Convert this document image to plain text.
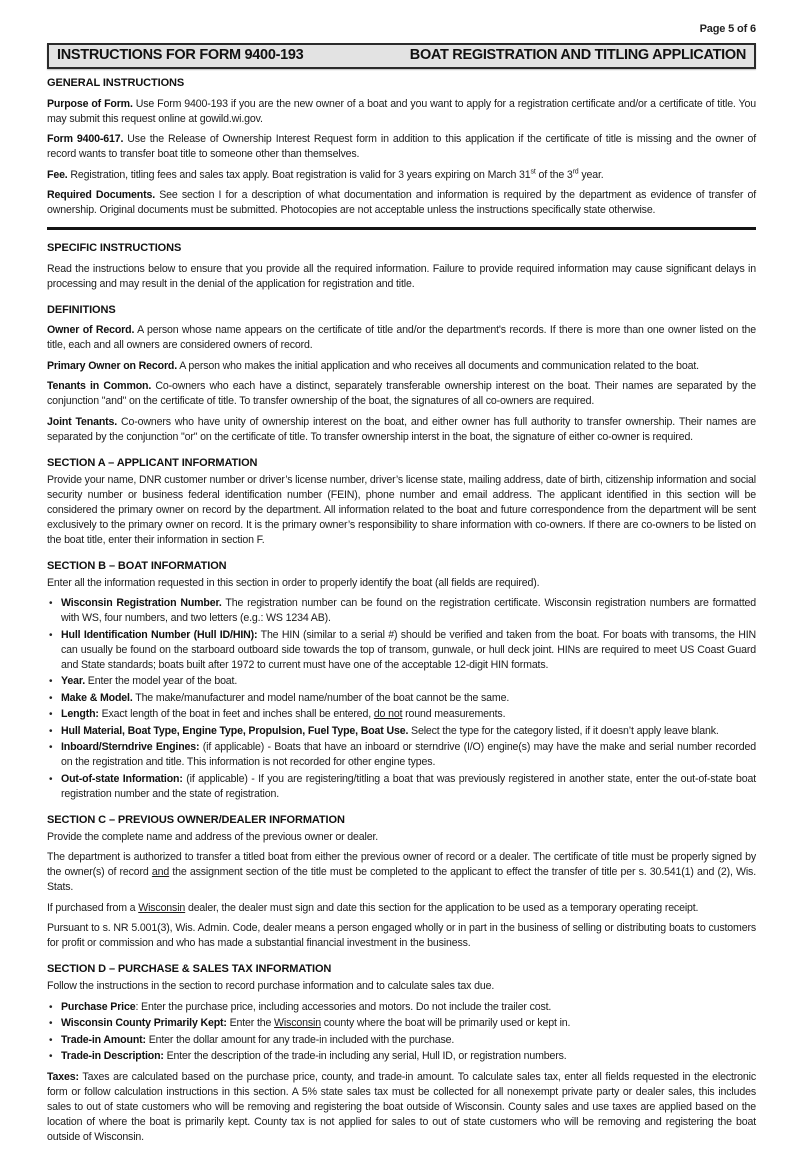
Page 5 of 6
INSTRUCTIONS FOR FORM 9400-193	BOAT REGISTRATION AND TITLING APPLICATION
GENERAL INSTRUCTIONS

Purpose of Form. Use Form 9400-193 if you are the new owner of a boat and you want to apply for a registration certificate and/or a certificate of title. You may submit this request online at gowild.wi.gov.

Form 9400-617. Use the Release of Ownership Interest Request form in addition to this application if the certificate of title is missing and the owner of record wants to transfer boat title to someone other than themselves.

Fee. Registration, titling fees and sales tax apply. Boat registration is valid for 3 years expiring on March 31st of the 3rd year.

Required Documents. See section I for a description of what documentation and information is required by the department as evidence of transfer of ownership. Original documents must be submitted. Photocopies are not acceptable unless the instructions specifically state otherwise.

SPECIFIC INSTRUCTIONS

Read the instructions below to ensure that you provide all the required information. Failure to provide required information may cause significant delays in processing and may result in the denial of the application for registration and title.

DEFINITIONS

Owner of Record. A person whose name appears on the certificate of title and/or the department's records. If there is more than one owner listed on the title, each and all owners are considered owners of record.

Primary Owner on Record. A person who makes the initial application and who receives all documents and communication related to the boat.

Tenants in Common. Co-owners who each have a distinct, separately transferable ownership interest on the boat. Their names are separated by the conjunction "and" on the certificate of title. To transfer ownership of the boat, the signatures of all co-owners are required.

Joint Tenants. Co-owners who have unity of ownership interest on the boat, and either owner has full authority to transfer ownership. Their names are separated by the conjunction "or" on the certificate of title. To transfer ownership interst in the boat, the signature of either co-owner is required.

SECTION A – APPLICANT INFORMATION

Provide your name, DNR customer number or driver’s license number, driver’s license state, mailing address, date of birth, citizenship information and social security number or business federal identification number (FEIN), phone number and email address. The applicant identified in this section will be considered the primary owner on record by the department. All information related to the boat and future correspondence from the department will be sent exclusively to the primary owner on record. It is the primary owner’s responsibility to share information with co-owners. If there are co-owners to be listed on the boat title, enter their information in section F.

SECTION B – BOAT INFORMATION

Enter all the information requested in this section in order to properly identify the boat (all fields are required).

• Wisconsin Registration Number. The registration number can be found on the registration certificate. Wisconsin registration numbers are formatted with WS, four numbers, and two letters (e.g.: WS 1234 AB).

• Hull Identification Number (Hull ID/HIN): The HIN (similar to a serial #) should be verified and taken from the boat. For boats with transoms, the HIN can usually be found on the starboard outboard side towards the top of transom, gunwale, or hull deck joint. HINs are required to meet US Coast Guard and State standards; boats built after 1972 to current must have one of the acceptable 12-digit HIN formats.

• Year. Enter the model year of the boat.

• Make & Model. The make/manufacturer and model name/number of the boat cannot be the same.

• Length: Exact length of the boat in feet and inches shall be entered, do not round measurements.

• Hull Material, Boat Type, Engine Type, Propulsion, Fuel Type, Boat Use. Select the type for the category listed, if it doesn’t apply leave blank.

• Inboard/Sterndrive Engines: (if applicable) - Boats that have an inboard or sterndrive (I/O) engine(s) may have the make and serial number recorded on the registration and title. This information is not recorded for other engine types.

• Out-of-state Information: (if applicable) - If you are registering/titling a boat that was previously registered in another state, enter the out-of-state boat registration number and the state of registration.

SECTION C – PREVIOUS OWNER/DEALER INFORMATION

Provide the complete name and address of the previous owner or dealer.

The department is authorized to transfer a titled boat from either the previous owner of record or a dealer. The certificate of title must be properly signed by the owner(s) of record and the assignment section of the title must be completed to the applicant to effect the transfer of title per s. 30.541(1) and (2), Wis. Stats.

If purchased from a Wisconsin dealer, the dealer must sign and date this section for the application to be used as a temporary operating receipt.

Pursuant to s. NR 5.001(3), Wis. Admin. Code, dealer means a person engaged wholly or in part in the business of selling or distributing boats to customers for profit or commission and who has made a substantial financial investment in the business.

SECTION D – PURCHASE & SALES TAX INFORMATION

Follow the instructions in the section to record purchase information and to calculate sales tax due.

• Purchase Price: Enter the purchase price, including accessories and motors. Do not include the trailer cost.

• Wisconsin County Primarily Kept: Enter the Wisconsin county where the boat will be primarily used or kept in.

• Trade-in Amount: Enter the dollar amount for any trade-in included with the purchase.

• Trade-in Description: Enter the description of the trade-in including any serial, Hull ID, or registration numbers.

Taxes: Taxes are calculated based on the purchase price, county, and trade-in amount. To calculate sales tax, enter all fields requested in the electronic form or follow calculation instructions in this section. A 5% state sales tax must be collected for all nonexempt private party or dealer sales, this includes sales to out of state customers who will be removing and registering the boat outside of Wisconsin. County sales and use taxes are applied based on the location of where the boat is primarily kept. County tax is not applied for sales to out of state customers who will be removing and registering the boat outside of Wisconsin.
